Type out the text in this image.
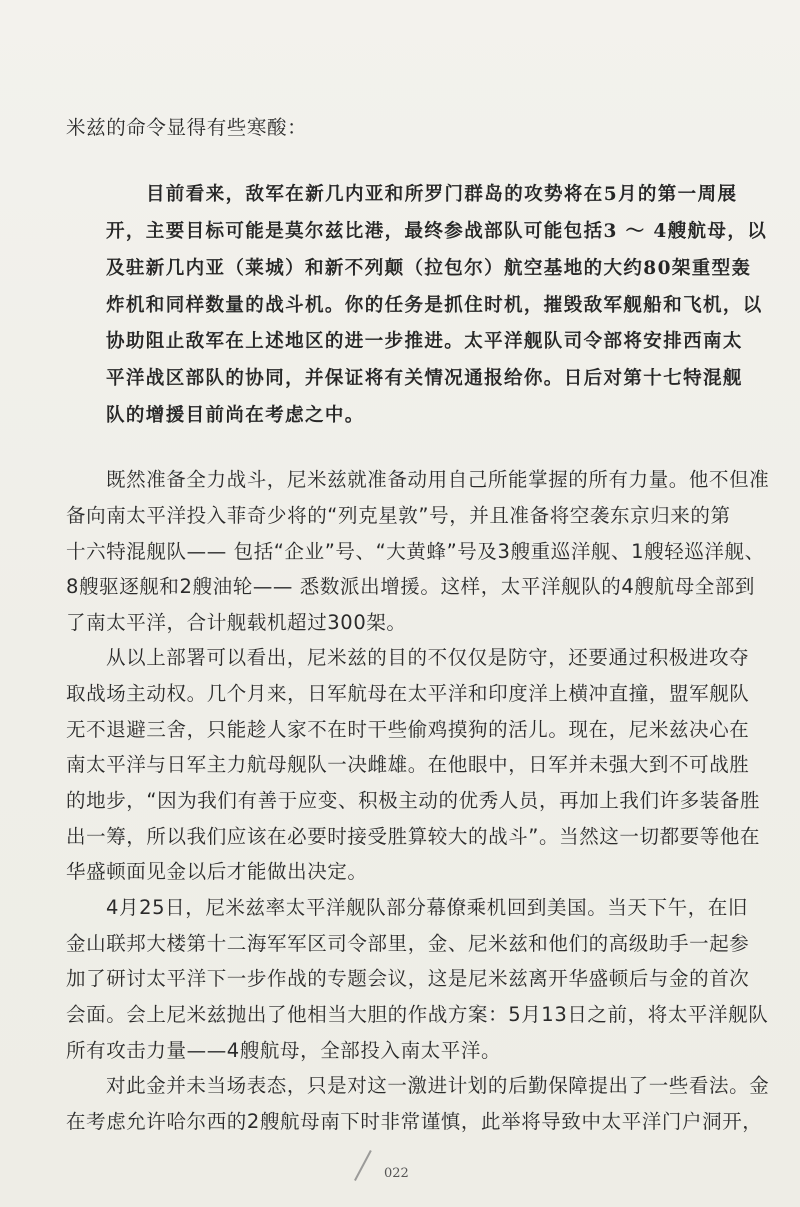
米兹的命令显得有些寒酸：
目前看来，敌军在新几内亚和所罗门群岛的攻势将在5月的第一周展
开，主要目标可能是莫尔兹比港，最终参战部队可能包括3 ～ 4艘航母，以
及驻新几内亚（莱城）和新不列颠（拉包尔）航空基地的大约80架重型轰
炸机和同样数量的战斗机。你的任务是抓住时机，摧毁敌军舰船和飞机，以
协助阻止敌军在上述地区的进一步推进。太平洋舰队司令部将安排西南太
平洋战区部队的协同，并保证将有关情况通报给你。日后对第十七特混舰
队的增援目前尚在考虑之中。
既然准备全力战斗，尼米兹就准备动用自己所能掌握的所有力量。他不但准
备向南太平洋投入菲奇少将的“列克星敦”号，并且准备将空袭东京归来的第
十六特混舰队—— 包括“企业”号、“大黄蜂”号及3艘重巡洋舰、1艘轻巡洋舰、
8艘驱逐舰和2艘油轮—— 悉数派出增援。这样，太平洋舰队的4艘航母全部到
了南太平洋，合计舰载机超过300架。
从以上部署可以看出，尼米兹的目的不仅仅是防守，还要通过积极进攻夺
取战场主动权。几个月来，日军航母在太平洋和印度洋上横冲直撞，盟军舰队
无不退避三舍，只能趁人家不在时干些偷鸡摸狗的活儿。现在，尼米兹决心在
南太平洋与日军主力航母舰队一决雌雄。在他眼中，日军并未强大到不可战胜
的地步，“因为我们有善于应变、积极主动的优秀人员，再加上我们许多装备胜
出一筹，所以我们应该在必要时接受胜算较大的战斗”。当然这一切都要等他在
华盛顿面见金以后才能做出决定。
4月25日，尼米兹率太平洋舰队部分幕僚乘机回到美国。当天下午，在旧
金山联邦大楼第十二海军军区司令部里，金、尼米兹和他们的高级助手一起参
加了研讨太平洋下一步作战的专题会议，这是尼米兹离开华盛顿后与金的首次
会面。会上尼米兹抛出了他相当大胆的作战方案：5月13日之前，将太平洋舰队
所有攻击力量——4艘航母，全部投入南太平洋。
对此金并未当场表态，只是对这一激进计划的后勤保障提出了一些看法。金
在考虑允许哈尔西的2艘航母南下时非常谨慎，此举将导致中太平洋门户洞开，
022
